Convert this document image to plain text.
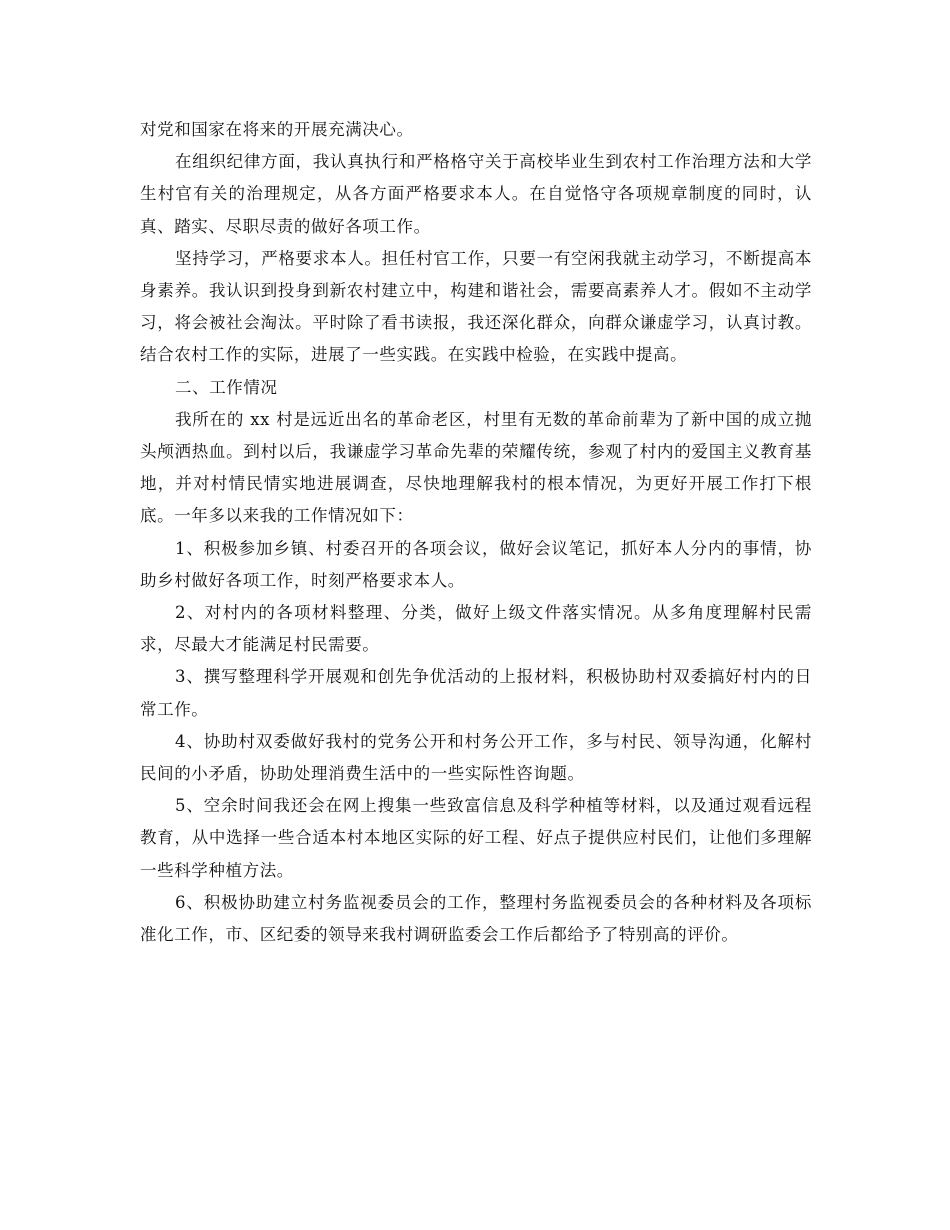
对党和国家在将来的开展充满决心。

在组织纪律方面，我认真执行和严格格守关于高校毕业生到农村工作治理方法和大学生村官有关的治理规定，从各方面严格要求本人。在自觉恪守各项规章制度的同时，认真、踏实、尽职尽责的做好各项工作。

坚持学习，严格要求本人。担任村官工作，只要一有空闲我就主动学习，不断提高本身素养。我认识到投身到新农村建立中，构建和谐社会，需要高素养人才。假如不主动学习，将会被社会淘汰。平时除了看书读报，我还深化群众，向群众谦虚学习，认真讨教。结合农村工作的实际，进展了一些实践。在实践中检验，在实践中提高。

二、工作情况

我所在的 xx 村是远近出名的革命老区，村里有无数的革命前辈为了新中国的成立抛头颅洒热血。到村以后，我谦虚学习革命先辈的荣耀传统，参观了村内的爱国主义教育基地，并对村情民情实地进展调查，尽快地理解我村的根本情况，为更好开展工作打下根底。一年多以来我的工作情况如下：

1、积极参加乡镇、村委召开的各项会议，做好会议笔记，抓好本人分内的事情，协助乡村做好各项工作，时刻严格要求本人。

2、对村内的各项材料整理、分类，做好上级文件落实情况。从多角度理解村民需求，尽最大才能满足村民需要。

3、撰写整理科学开展观和创先争优活动的上报材料，积极协助村双委搞好村内的日常工作。

4、协助村双委做好我村的党务公开和村务公开工作，多与村民、领导沟通，化解村民间的小矛盾，协助处理消费生活中的一些实际性咨询题。

5、空余时间我还会在网上搜集一些致富信息及科学种植等材料，以及通过观看远程教育，从中选择一些合适本村本地区实际的好工程、好点子提供应村民们，让他们多理解一些科学种植方法。

6、积极协助建立村务监视委员会的工作，整理村务监视委员会的各种材料及各项标准化工作，市、区纪委的领导来我村调研监委会工作后都给予了特别高的评价。
